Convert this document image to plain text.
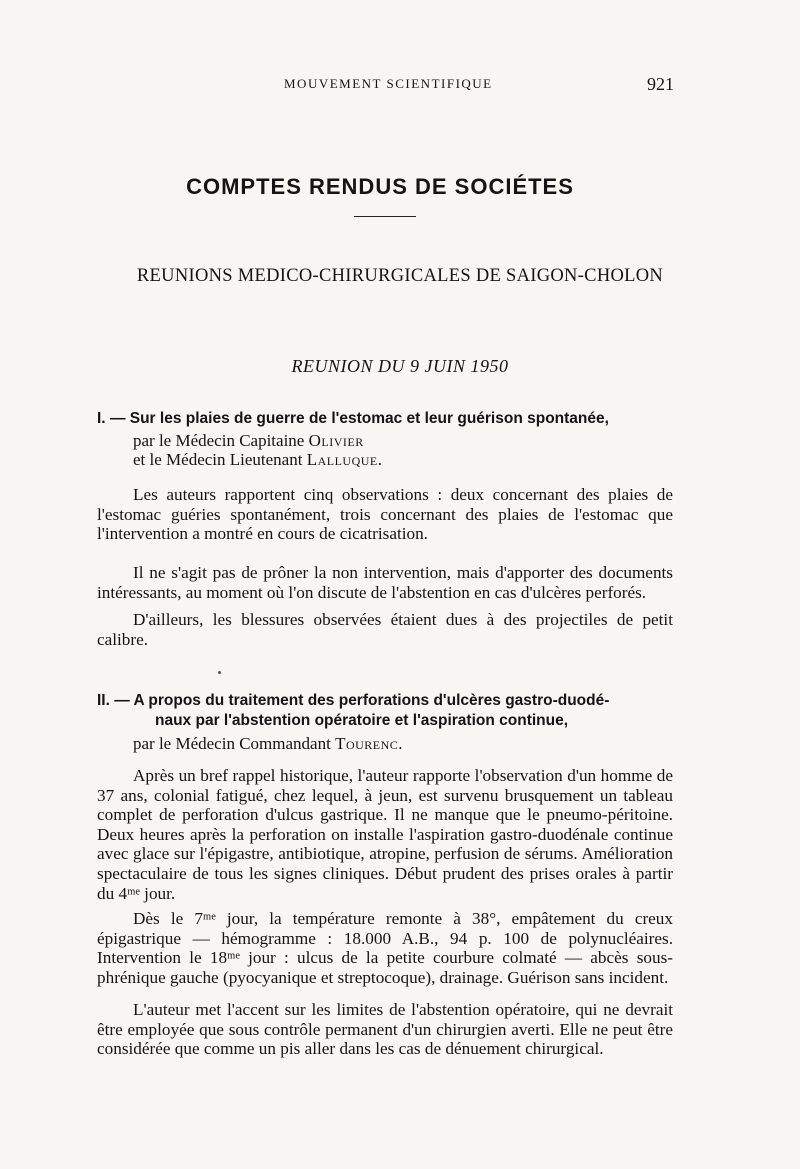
MOUVEMENT SCIENTIFIQUE	921
COMPTES RENDUS DE SOCIÉTES
REUNIONS MEDICO-CHIRURGICALES DE SAIGON-CHOLON
REUNION DU 9 JUIN 1950
I. — Sur les plaies de guerre de l'estomac et leur guérison spontanée,
par le Médecin Capitaine Olivier
et le Médecin Lieutenant Lalluque.

Les auteurs rapportent cinq observations : deux concernant des plaies de l'estomac guéries spontanément, trois concernant des plaies de l'estomac que l'intervention a montré en cours de cicatrisation.

Il ne s'agit pas de prôner la non intervention, mais d'apporter des documents intéressants, au moment où l'on discute de l'abstention en cas d'ulcères perforés.

D'ailleurs, les blessures observées étaient dues à des projectiles de petit calibre.

II. — A propos du traitement des perforations d'ulcères gastro-duodé-
naux par l'abstention opératoire et l'aspiration continue,
par le Médecin Commandant Tourenc.

Après un bref rappel historique, l'auteur rapporte l'observation d'un homme de 37 ans, colonial fatigué, chez lequel, à jeun, est survenu brusquement un tableau complet de perforation d'ulcus gastrique. Il ne manque que le pneumo-péritoine. Deux heures après la perforation on installe l'aspiration gastro-duodénale continue avec glace sur l'épigastre, antibiotique, atropine, perfusion de sérums. Amélioration spectaculaire de tous les signes cliniques. Début prudent des prises orales à partir du 4ᵐᵉ jour.

Dès le 7ᵐᵉ jour, la température remonte à 38°, empâtement du creux épigastrique — hémogramme : 18.000 A.B., 94 p. 100 de polynucléaires. Intervention le 18ᵐᵉ jour : ulcus de la petite courbure colmaté — abcès sous-phrénique gauche (pyocyanique et streptocoque), drainage. Guérison sans incident.

L'auteur met l'accent sur les limites de l'abstention opératoire, qui ne devrait être employée que sous contrôle permanent d'un chirurgien averti. Elle ne peut être considérée que comme un pis aller dans les cas de dénuement chirurgical.
